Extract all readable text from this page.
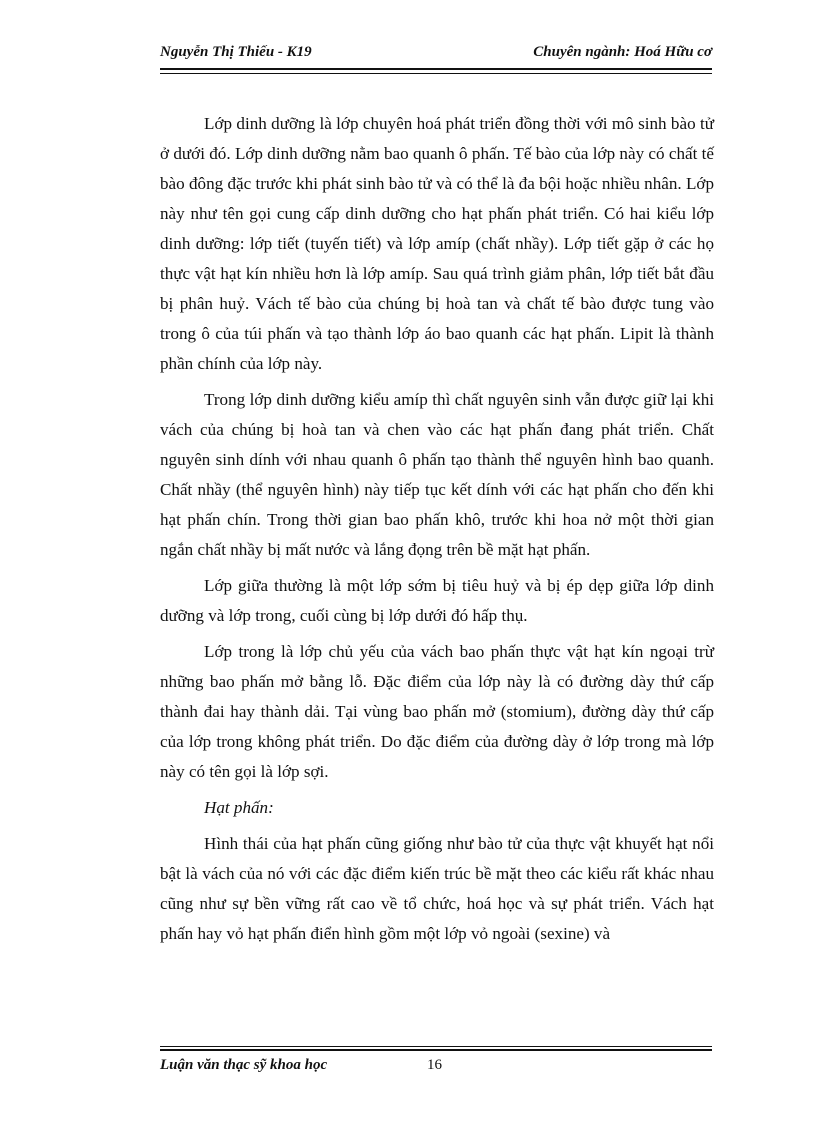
Nguyễn Thị Thiếu - K19	Chuyên ngành: Hoá Hữu cơ

Lớp dinh dưỡng là lớp chuyên hoá phát triển đồng thời với mô sinh bào tử ở dưới đó. Lớp dinh dưỡng nằm bao quanh ô phấn. Tế bào của lớp này có chất tế bào đông đặc trước khi phát sinh bào tử và có thể là đa bội hoặc nhiều nhân. Lớp này như tên gọi cung cấp dinh dưỡng cho hạt phấn phát triển. Có hai kiểu lớp dinh dưỡng: lớp tiết (tuyến tiết) và lớp amíp (chất nhầy). Lớp tiết gặp ở các họ thực vật hạt kín nhiều hơn là lớp amíp. Sau quá trình giảm phân, lớp tiết bắt đầu bị phân huỷ. Vách tế bào của chúng bị hoà tan và chất tế bào được tung vào trong ô của túi phấn và tạo thành lớp áo bao quanh các hạt phấn. Lipit là thành phần chính của lớp này.

Trong lớp dinh dưỡng kiểu amíp thì chất nguyên sinh vẫn được giữ lại khi vách của chúng bị hoà tan và chen vào các hạt phấn đang phát triển. Chất nguyên sinh dính với nhau quanh ô phấn tạo thành thể nguyên hình bao quanh. Chất nhầy (thể nguyên hình) này tiếp tục kết dính với các hạt phấn cho đến khi hạt phấn chín. Trong thời gian bao phấn khô, trước khi hoa nở một thời gian ngắn chất nhầy bị mất nước và lắng đọng trên bề mặt hạt phấn.

Lớp giữa thường là một lớp sớm bị tiêu huỷ và bị ép dẹp giữa lớp dinh dưỡng và lớp trong, cuối cùng bị lớp dưới đó hấp thụ.

Lớp trong là lớp chủ yếu của vách bao phấn thực vật hạt kín ngoại trừ những bao phấn mở bằng lỗ. Đặc điểm của lớp này là có đường dày thứ cấp thành đai hay thành dải. Tại vùng bao phấn mở (stomium), đường dày thứ cấp của lớp trong không phát triển. Do đặc điểm của đường dày ở lớp trong mà lớp này có tên gọi là lớp sợi.

Hạt phấn:

Hình thái của hạt phấn cũng giống như bào tử của thực vật khuyết hạt nổi bật là vách của nó với các đặc điểm kiến trúc bề mặt theo các kiểu rất khác nhau cũng như sự bền vững rất cao về tổ chức, hoá học và sự phát triển. Vách hạt phấn hay vỏ hạt phấn điển hình gồm một lớp vỏ ngoài (sexine) và

Luận văn thạc sỹ khoa học	16
